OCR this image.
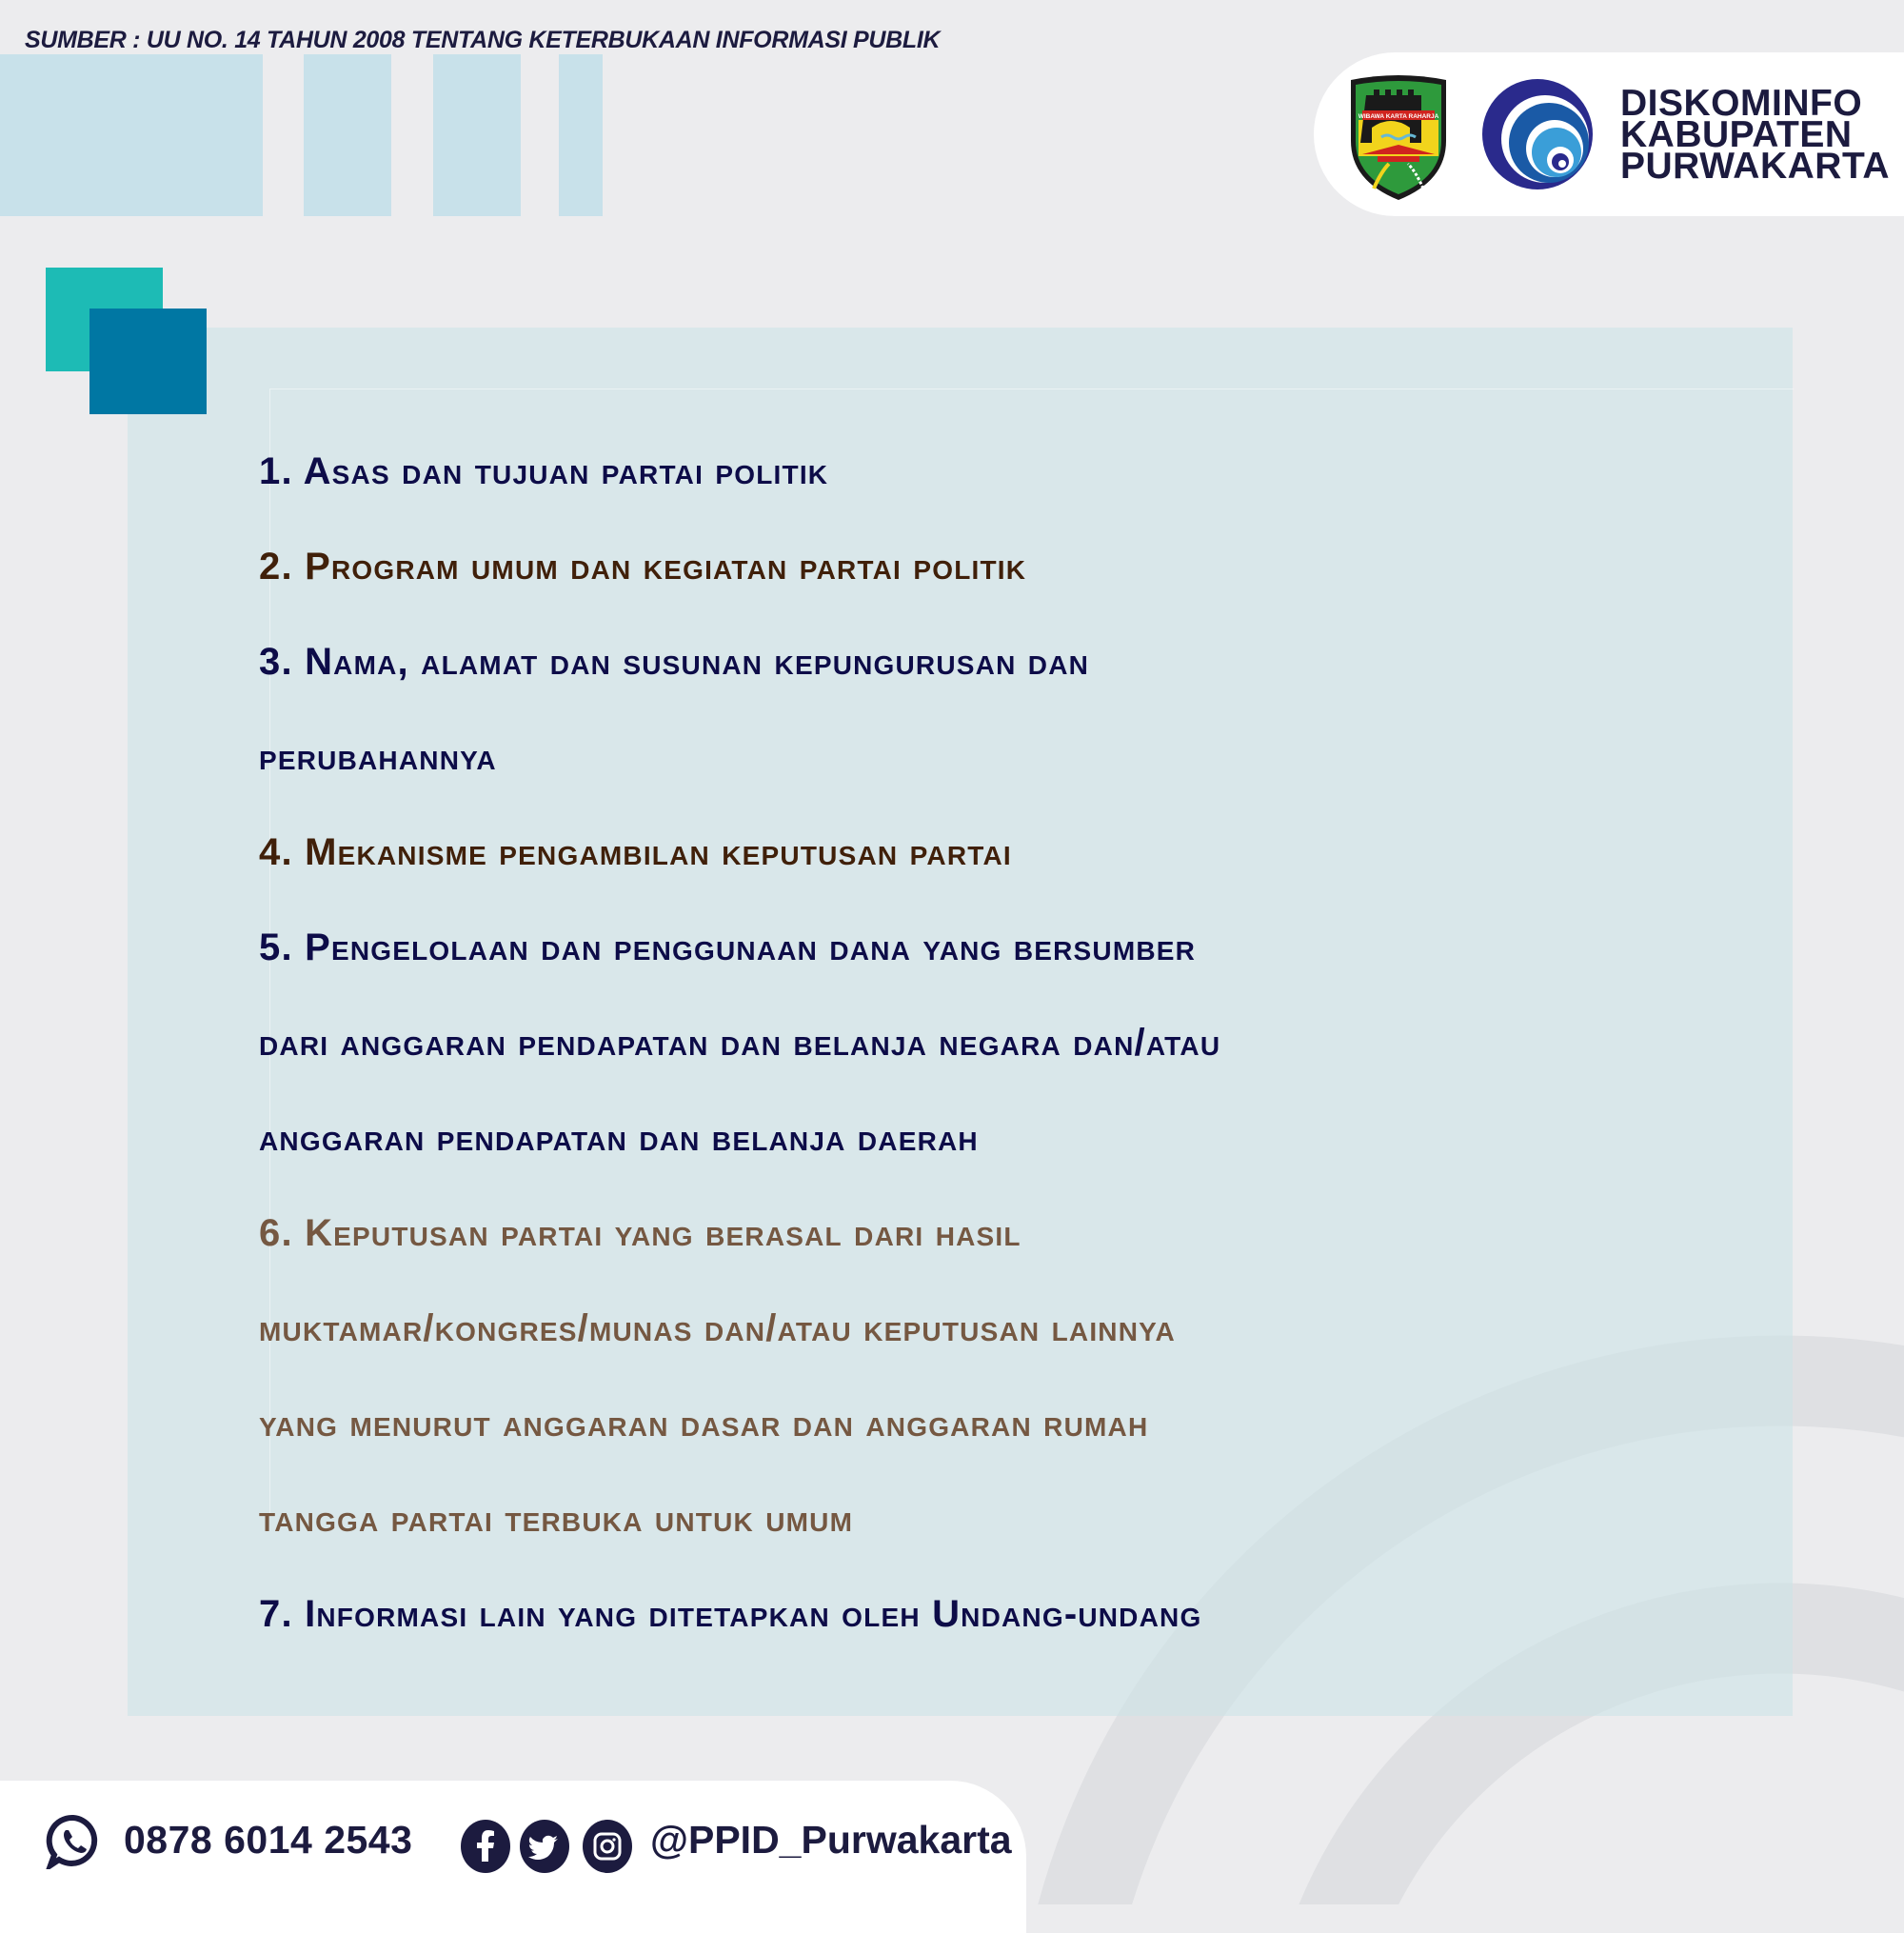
SUMBER : UU NO. 14 TAHUN 2008 TENTANG KETERBUKAAN INFORMASI PUBLIK
WIBAWA KARTA RAHARJA	DISKOMINFO
KABUPATEN
PURWAKARTA
1. Asas dan tujuan partai politik
2. Program umum dan kegiatan partai politik
3. Nama, alamat dan susunan kepungurusan dan
perubahannya
4. Mekanisme pengambilan keputusan partai
5. Pengelolaan dan penggunaan dana yang bersumber
dari anggaran pendapatan dan belanja negara dan/atau
anggaran pendapatan dan belanja daerah
6. Keputusan partai yang berasal dari hasil
muktamar/kongres/munas dan/atau keputusan lainnya
yang menurut anggaran dasar dan anggaran rumah
tangga partai terbuka untuk umum
7. Informasi lain yang ditetapkan oleh Undang-undang
0878 6014 2543	@PPID_Purwakarta
